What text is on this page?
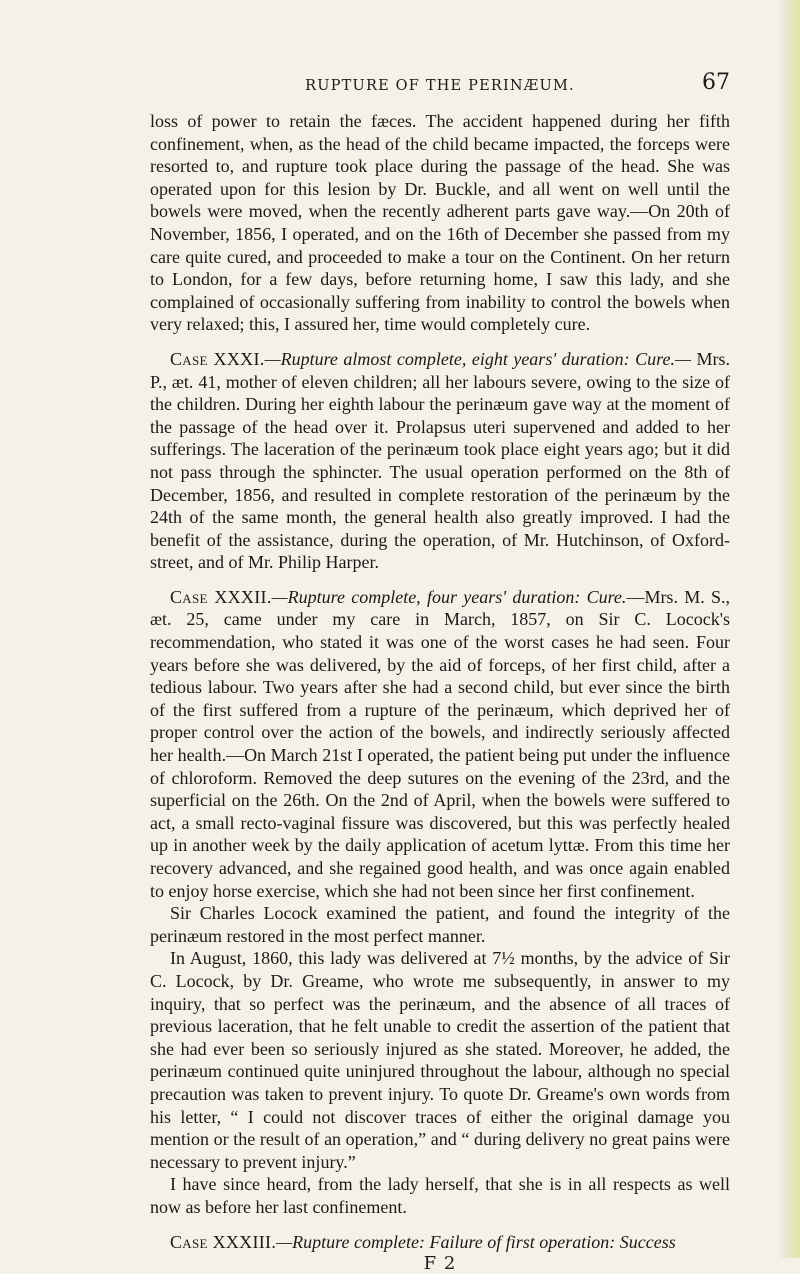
RUPTURE OF THE PERINÆUM.	67

loss of power to retain the fæces. The accident happened during her fifth confinement, when, as the head of the child became impacted, the forceps were resorted to, and rupture took place during the passage of the head. She was operated upon for this lesion by Dr. Buckle, and all went on well until the bowels were moved, when the recently adherent parts gave way.—On 20th of November, 1856, I operated, and on the 16th of December she passed from my care quite cured, and proceeded to make a tour on the Continent. On her return to London, for a few days, before returning home, I saw this lady, and she complained of occasionally suffering from inability to control the bowels when very relaxed; this, I assured her, time would completely cure.

Case XXXI.—Rupture almost complete, eight years' duration: Cure.— Mrs. P., æt. 41, mother of eleven children; all her labours severe, owing to the size of the children. During her eighth labour the perinæum gave way at the moment of the passage of the head over it. Prolapsus uteri supervened and added to her sufferings. The laceration of the perinæum took place eight years ago; but it did not pass through the sphincter. The usual operation performed on the 8th of December, 1856, and resulted in complete restoration of the perinæum by the 24th of the same month, the general health also greatly improved. I had the benefit of the assistance, during the operation, of Mr. Hutchinson, of Oxford-street, and of Mr. Philip Harper.

Case XXXII.—Rupture complete, four years' duration: Cure.—Mrs. M. S., æt. 25, came under my care in March, 1857, on Sir C. Locock's recommendation, who stated it was one of the worst cases he had seen. Four years before she was delivered, by the aid of forceps, of her first child, after a tedious labour. Two years after she had a second child, but ever since the birth of the first suffered from a rupture of the perinæum, which deprived her of proper control over the action of the bowels, and indirectly seriously affected her health.—On March 21st I operated, the patient being put under the influence of chloroform. Removed the deep sutures on the evening of the 23rd, and the superficial on the 26th. On the 2nd of April, when the bowels were suffered to act, a small recto-vaginal fissure was discovered, but this was perfectly healed up in another week by the daily application of acetum lyttæ. From this time her recovery advanced, and she regained good health, and was once again enabled to enjoy horse exercise, which she had not been since her first confinement.

Sir Charles Locock examined the patient, and found the integrity of the perinæum restored in the most perfect manner.

In August, 1860, this lady was delivered at 7½ months, by the advice of Sir C. Locock, by Dr. Greame, who wrote me subsequently, in answer to my inquiry, that so perfect was the perinæum, and the absence of all traces of previous laceration, that he felt unable to credit the assertion of the patient that she had ever been so seriously injured as she stated. Moreover, he added, the perinæum continued quite uninjured throughout the labour, although no special precaution was taken to prevent injury. To quote Dr. Greame's own words from his letter, “ I could not discover traces of either the original damage you mention or the result of an operation,” and “ during delivery no great pains were necessary to prevent injury.”

I have since heard, from the lady herself, that she is in all respects as well now as before her last confinement.

Case XXXIII.—Rupture complete: Failure of first operation: Success

F 2
